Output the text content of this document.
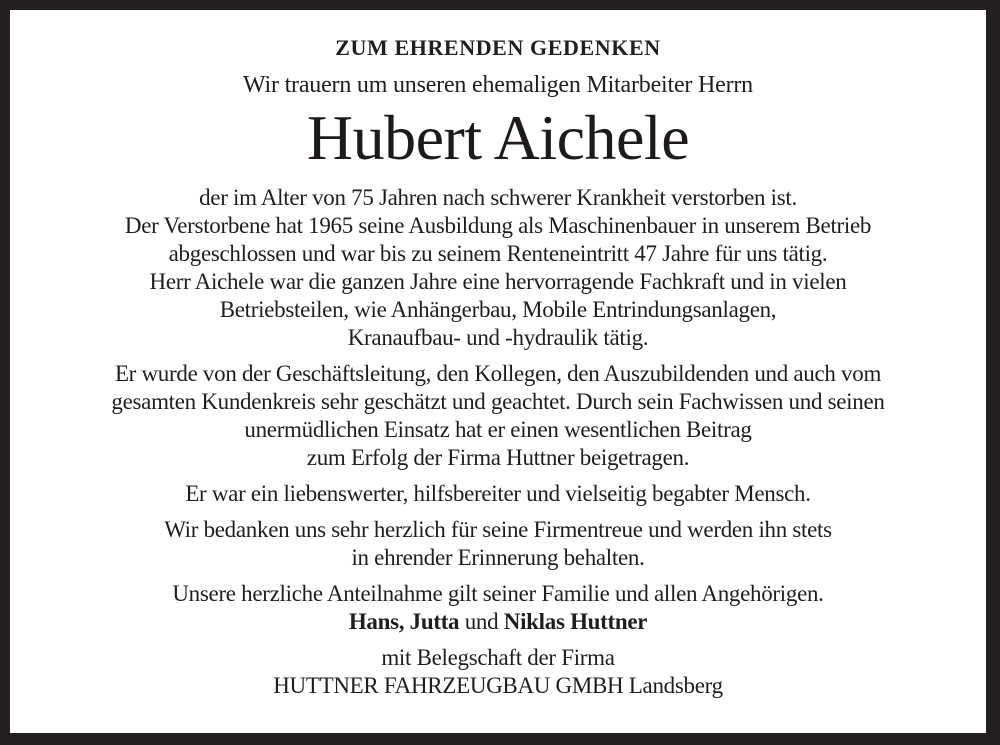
ZUM EHRENDEN GEDENKEN
Wir trauern um unseren ehemaligen Mitarbeiter Herrn
Hubert Aichele
der im Alter von 75 Jahren nach schwerer Krankheit verstorben ist.
Der Verstorbene hat 1965 seine Ausbildung als Maschinenbauer in unserem Betrieb
abgeschlossen und war bis zu seinem Renteneintritt 47 Jahre für uns tätig.
Herr Aichele war die ganzen Jahre eine hervorragende Fachkraft und in vielen
Betriebsteilen, wie Anhängerbau, Mobile Entrindungsanlagen,
Kranaufbau- und -hydraulik tätig.
Er wurde von der Geschäftsleitung, den Kollegen, den Auszubildenden und auch vom
gesamten Kundenkreis sehr geschätzt und geachtet. Durch sein Fachwissen und seinen
unermüdlichen Einsatz hat er einen wesentlichen Beitrag
zum Erfolg der Firma Huttner beigetragen.
Er war ein liebenswerter, hilfsbereiter und vielseitig begabter Mensch.
Wir bedanken uns sehr herzlich für seine Firmentreue und werden ihn stets
in ehrender Erinnerung behalten.
Unsere herzliche Anteilnahme gilt seiner Familie und allen Angehörigen.
Hans, Jutta und Niklas Huttner
mit Belegschaft der Firma
HUTTNER FAHRZEUGBAU GMBH Landsberg
